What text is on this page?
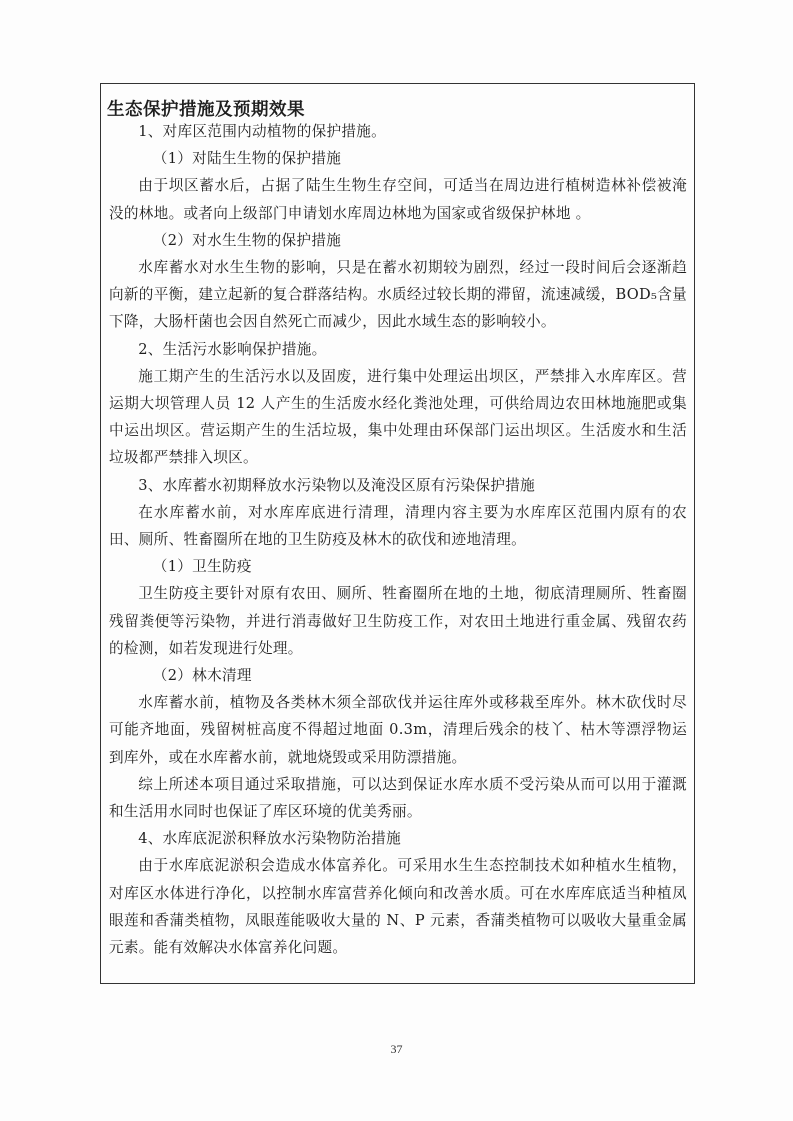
生态保护措施及预期效果

1、对库区范围内动植物的保护措施。

（1）对陆生生物的保护措施

由于坝区蓄水后，占据了陆生生物生存空间，可适当在周边进行植树造林补偿被淹没的林地。或者向上级部门申请划水库周边林地为国家或省级保护林地 。

（2）对水生生物的保护措施

水库蓄水对水生生物的影响，只是在蓄水初期较为剧烈，经过一段时间后会逐渐趋向新的平衡，建立起新的复合群落结构。水质经过较长期的滞留，流速减缓，BOD₅含量下降，大肠杆菌也会因自然死亡而减少，因此水域生态的影响较小。

2、生活污水影响保护措施。

施工期产生的生活污水以及固废，进行集中处理运出坝区，严禁排入水库库区。营运期大坝管理人员 12 人产生的生活废水经化粪池处理，可供给周边农田林地施肥或集中运出坝区。营运期产生的生活垃圾，集中处理由环保部门运出坝区。生活废水和生活垃圾都严禁排入坝区。

3、水库蓄水初期释放水污染物以及淹没区原有污染保护措施

在水库蓄水前，对水库库底进行清理，清理内容主要为水库库区范围内原有的农田、厕所、牲畜圈所在地的卫生防疫及林木的砍伐和迹地清理。

（1）卫生防疫

卫生防疫主要针对原有农田、厕所、牲畜圈所在地的土地，彻底清理厕所、牲畜圈残留粪便等污染物，并进行消毒做好卫生防疫工作，对农田土地进行重金属、残留农药的检测，如若发现进行处理。

（2）林木清理

水库蓄水前，植物及各类林木须全部砍伐并运往库外或移栽至库外。林木砍伐时尽可能齐地面，残留树桩高度不得超过地面 0.3m，清理后残余的枝丫、枯木等漂浮物运到库外，或在水库蓄水前，就地烧毁或采用防漂措施。

综上所述本项目通过采取措施，可以达到保证水库水质不受污染从而可以用于灌溉和生活用水同时也保证了库区环境的优美秀丽。

4、水库底泥淤积释放水污染物防治措施

由于水库底泥淤积会造成水体富养化。可采用水生生态控制技术如种植水生植物，对库区水体进行净化，以控制水库富营养化倾向和改善水质。可在水库库底适当种植凤眼莲和香蒲类植物，凤眼莲能吸收大量的 N、P 元素，香蒲类植物可以吸收大量重金属元素。能有效解决水体富养化问题。

37
